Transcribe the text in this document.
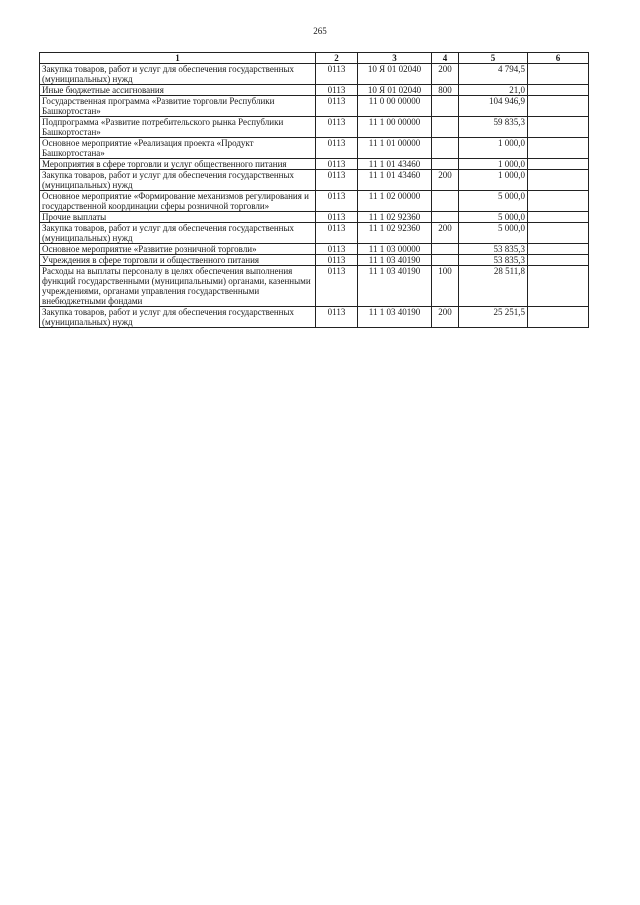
265
1	2	3	4	5	6
Закупка товаров, работ и услуг для обеспечения государственных (муниципальных) нужд	0113	10 Я 01 02040	200	4 794,5	
Иные бюджетные ассигнования	0113	10 Я 01 02040	800	21,0	
Государственная программа «Развитие торговли Республики Башкортостан»	0113	11 0 00 00000		104 946,9	
Подпрограмма «Развитие потребительского рынка Республики Башкортостан»	0113	11 1 00 00000		59 835,3	
Основное мероприятие «Реализация проекта «Продукт Башкортостана»	0113	11 1 01 00000		1 000,0	
Мероприятия в сфере торговли и услуг общественного питания	0113	11 1 01 43460		1 000,0	
Закупка товаров, работ и услуг для обеспечения государственных (муниципальных) нужд	0113	11 1 01 43460	200	1 000,0	
Основное мероприятие «Формирование механизмов регулирования и государственной координации сферы розничной торговли»	0113	11 1 02 00000		5 000,0	
Прочие выплаты	0113	11 1 02 92360		5 000,0	
Закупка товаров, работ и услуг для обеспечения государственных (муниципальных) нужд	0113	11 1 02 92360	200	5 000,0	
Основное мероприятие «Развитие розничной торговли»	0113	11 1 03 00000		53 835,3	
Учреждения в сфере торговли и общественного питания	0113	11 1 03 40190		53 835,3	
Расходы на выплаты персоналу в целях обеспечения выполнения функций государственными (муниципальными) органами, казенными учреждениями, органами управления государственными внебюджетными фондами	0113	11 1 03 40190	100	28 511,8	
Закупка товаров, работ и услуг для обеспечения государственных (муниципальных) нужд	0113	11 1 03 40190	200	25 251,5	
